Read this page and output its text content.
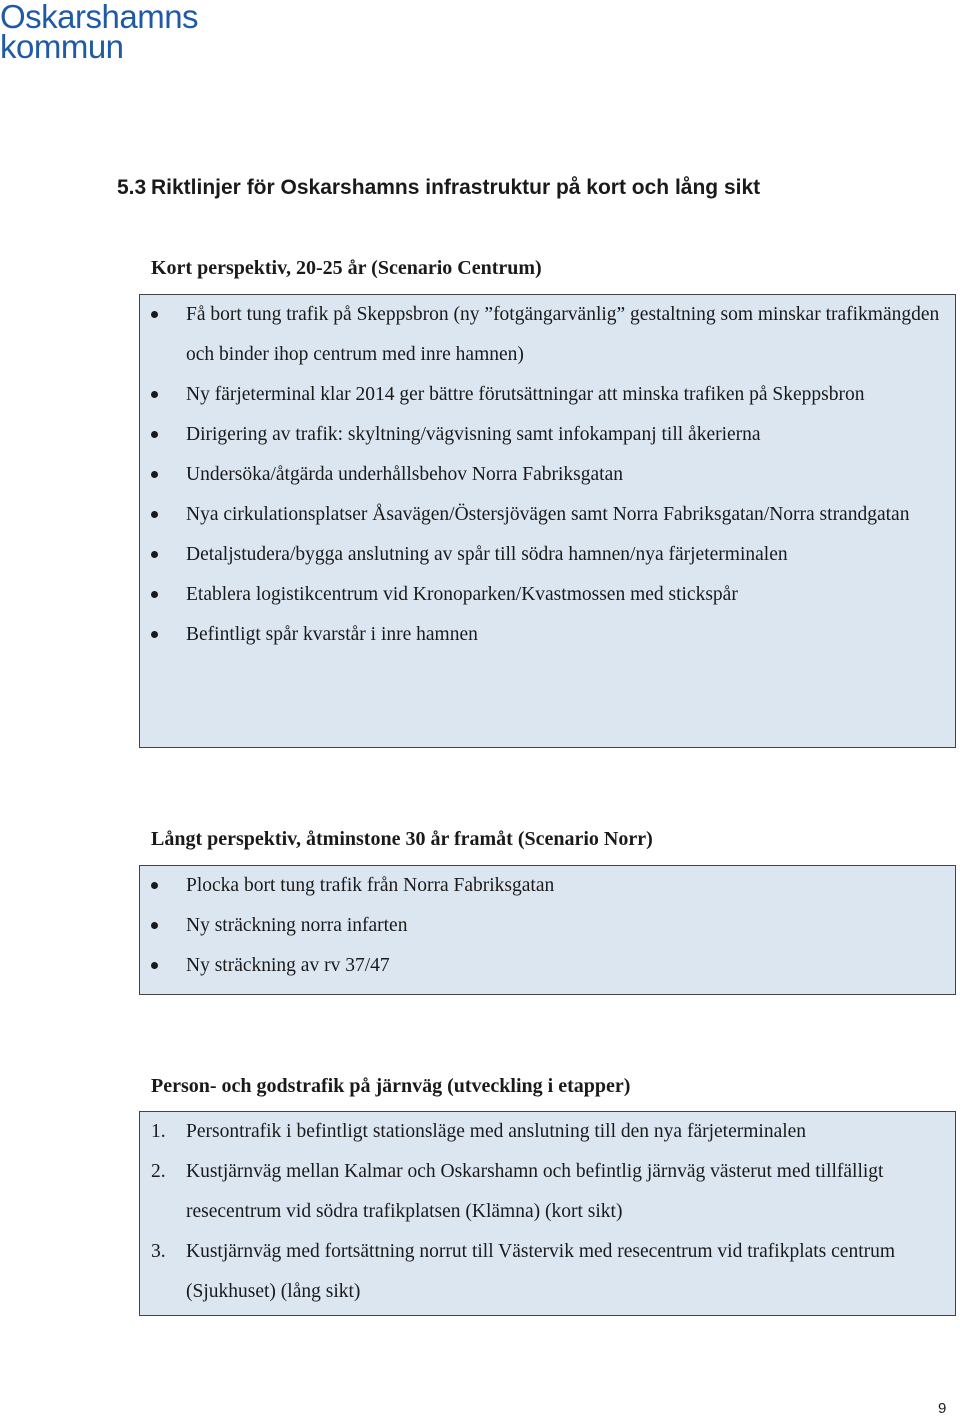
Oskarshamns
kommun
5.3 Riktlinjer för Oskarshamns infrastruktur på kort och lång sikt
Kort perspektiv, 20-25 år (Scenario Centrum)
Få bort tung trafik på Skeppsbron (ny ”fotgängarvänlig” gestaltning som minskar trafikmängden och binder ihop centrum med inre hamnen)
Ny färjeterminal klar 2014 ger bättre förutsättningar att minska trafiken på Skeppsbron
Dirigering av trafik: skyltning/vägvisning samt infokampanj till åkerierna
Undersöka/åtgärda underhållsbehov Norra Fabriksgatan
Nya cirkulationsplatser Åsavägen/Östersjövägen samt Norra Fabriksgatan/Norra strandgatan
Detaljstudera/bygga anslutning av spår till södra hamnen/nya färjeterminalen
Etablera logistikcentrum vid Kronoparken/Kvastmossen med stickspår
Befintligt spår kvarstår i inre hamnen
Långt perspektiv, åtminstone 30 år framåt (Scenario Norr)
Plocka bort tung trafik från Norra Fabriksgatan
Ny sträckning norra infarten
Ny sträckning av rv 37/47
Person- och godstrafik på järnväg (utveckling i etapper)
1. Persontrafik i befintligt stationsläge med anslutning till den nya färjeterminalen
2. Kustjärnväg mellan Kalmar och Oskarshamn och befintlig järnväg västerut med tillfälligt resecentrum vid södra trafikplatsen (Klämna) (kort sikt)
3. Kustjärnväg med fortsättning norrut till Västervik med resecentrum vid trafikplats centrum (Sjukhuset) (lång sikt)
9
